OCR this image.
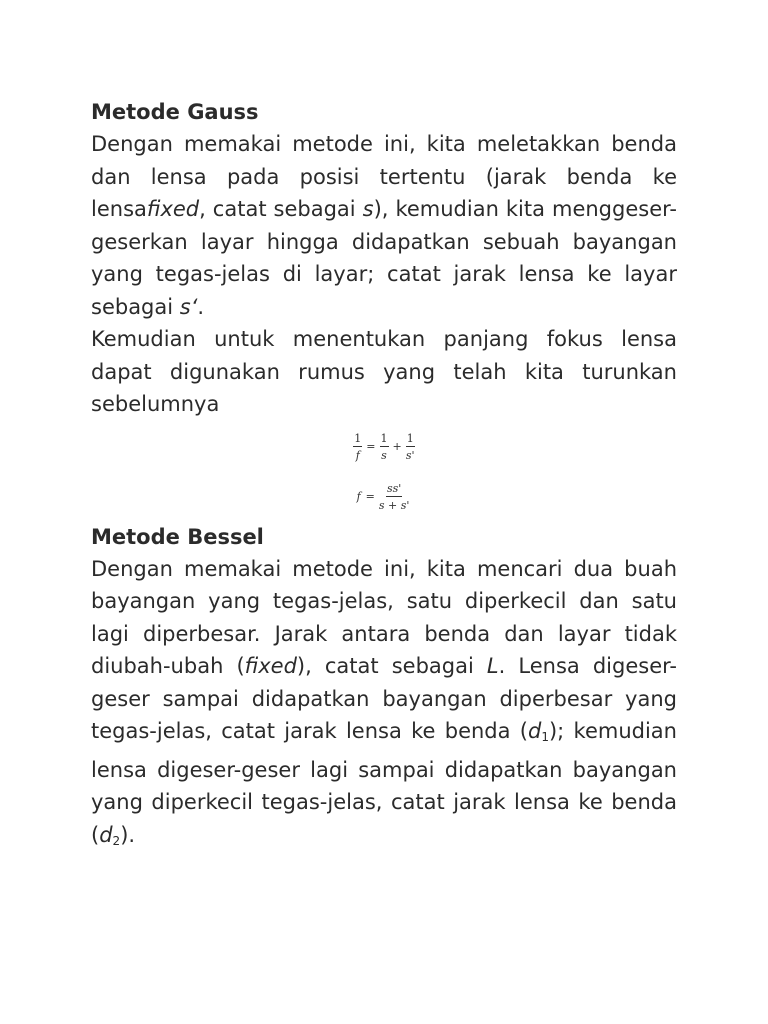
Metode Gauss

Dengan memakai metode ini, kita meletakkan benda dan lensa pada posisi tertentu (jarak benda ke lensafixed, catat sebagai s), kemudian kita menggeser-geserkan layar hingga didapatkan sebuah bayangan yang tegas-jelas di layar; catat jarak lensa ke layar sebagai s‘.

Kemudian untuk menentukan panjang fokus lensa dapat digunakan rumus yang telah kita turunkan sebelumnya

$\frac{1}{f} = \frac{1}{s} + \frac{1}{s'}$
$f = \frac{ss'}{s + s'}$
Metode Bessel

Dengan memakai metode ini, kita mencari dua buah bayangan yang tegas-jelas, satu diperkecil dan satu lagi diperbesar. Jarak antara benda dan layar tidak diubah-ubah (fixed), catat sebagai L. Lensa digeser-geser sampai didapatkan bayangan diperbesar yang tegas-jelas, catat jarak lensa ke benda $(d_1)$; kemudian lensa digeser-geser lagi sampai didapatkan bayangan yang diperkecil tegas-jelas, catat jarak lensa ke benda $(d_2)$.
